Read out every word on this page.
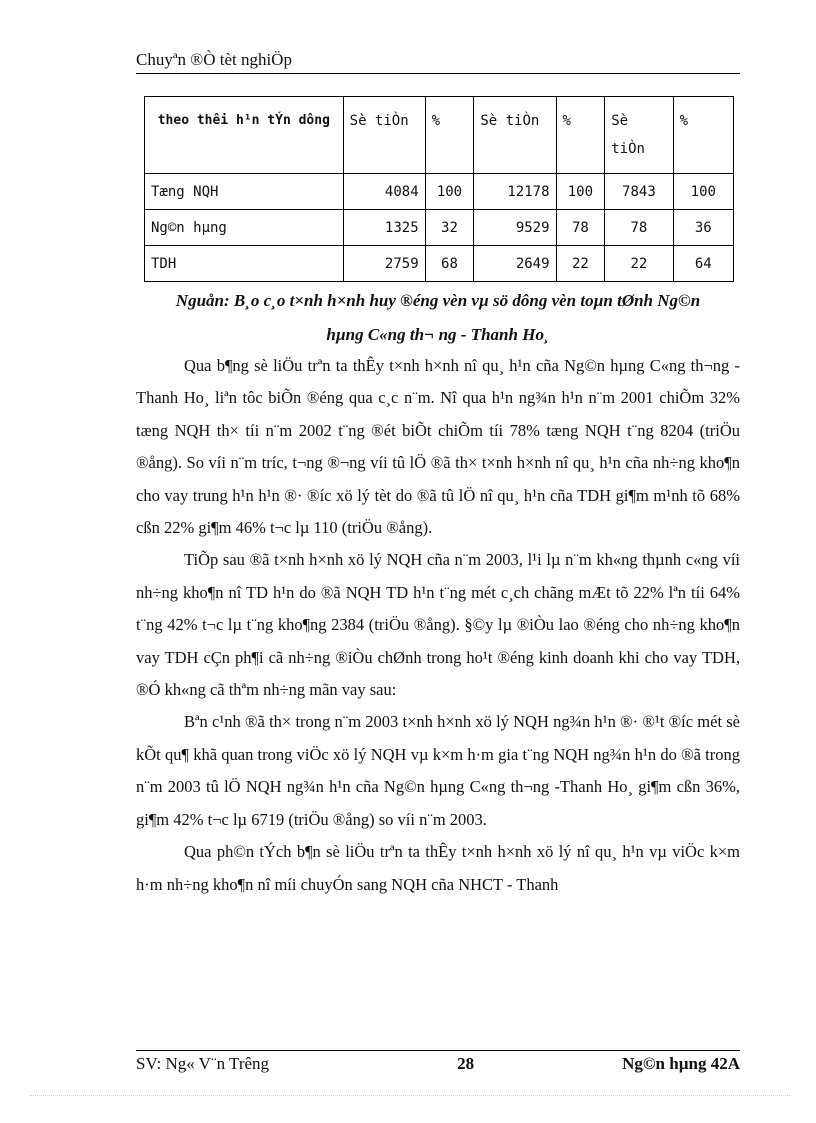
Chuyªn ®Ò tèt nghiÖp
theo thêi h¹n tÝn dông	Sè tiÒn	%	Sè tiÒn	%	Sè tiÒn	%
Tæng NQH	4084	100	12178	100	7843	100
Ng©n hµng	1325	32	9529	78	78	36
TDH	2759	68	2649	22	22	64
Nguån: B¸o c¸o t×nh h×nh huy ®éng vèn vµ sö dông vèn toµn tØnh Ng©n
hµng C«ng th¬ ng - Thanh Ho¸

Qua b¶ng sè liÖu trªn ta thÊy t×nh h×nh nî qu¸ h¹n cña Ng©n hµng C«ng th¬ng - Thanh Ho¸ liªn tôc biÕn ®éng qua c¸c n¨m. Nî qua h¹n ng¾n h¹n n¨m 2001 chiÕm 32% tæng NQH th× tíi n¨m 2002 t¨ng ®ét biÕt chiÕm tíi 78% tæng NQH t¨ng 8204 (triÖu ®ång). So víi n¨m tríc, t¬ng ®¬ng víi tû lÖ ®ã th× t×nh h×nh nî qu¸ h¹n cña nh÷ng kho¶n cho vay trung h¹n h¹n ®· ®íc xö lý tèt do ®ã tû lÖ nî qu¸ h¹n cña TDH gi¶m m¹nh tõ 68% cßn 22% gi¶m 46% t¬c lµ 110 (triÖu ®ång).

TiÕp sau ®ã t×nh h×nh xö lý NQH cña n¨m 2003, l¹i lµ n¨m kh«ng thµnh c«ng víi nh÷ng kho¶n nî TD h¹n do ®ã NQH TD h¹n t¨ng mét c¸ch chãng mÆt tõ 22% lªn tíi 64% t¨ng 42% t¬c lµ t¨ng kho¶ng 2384 (triÖu ®ång). §©y lµ ®iÒu lao ®éng cho nh÷ng kho¶n vay TDH cÇn ph¶i cã nh÷ng ®iÒu chØnh trong ho¹t ®éng kinh doanh khi cho vay TDH, ®Ó kh«ng cã thªm nh÷ng mãn vay sau:

Bªn c¹nh ®ã th× trong n¨m 2003 t×nh h×nh xö lý NQH ng¾n h¹n ®· ®¹t ®íc mét sè kÕt qu¶ khã quan trong viÖc xö lý NQH vµ k×m h·m gia t¨ng NQH ng¾n h¹n do ®ã trong n¨m 2003 tû lÖ NQH ng¾n h¹n cña Ng©n hµng C«ng th¬ng -Thanh Ho¸ gi¶m cßn 36%, gi¶m 42% t¬c lµ 6719 (triÖu ®ång) so víi n¨m 2003.

Qua ph©n tÝch b¶n sè liÖu trªn ta thÊy t×nh h×nh xö lý nî qu¸ h¹n vµ viÖc k×m h·m nh÷ng kho¶n nî míi chuyÓn sang NQH cña NHCT - Thanh

SV: Ng« V¨n Trêng	28	Ng©n hµng 42A
